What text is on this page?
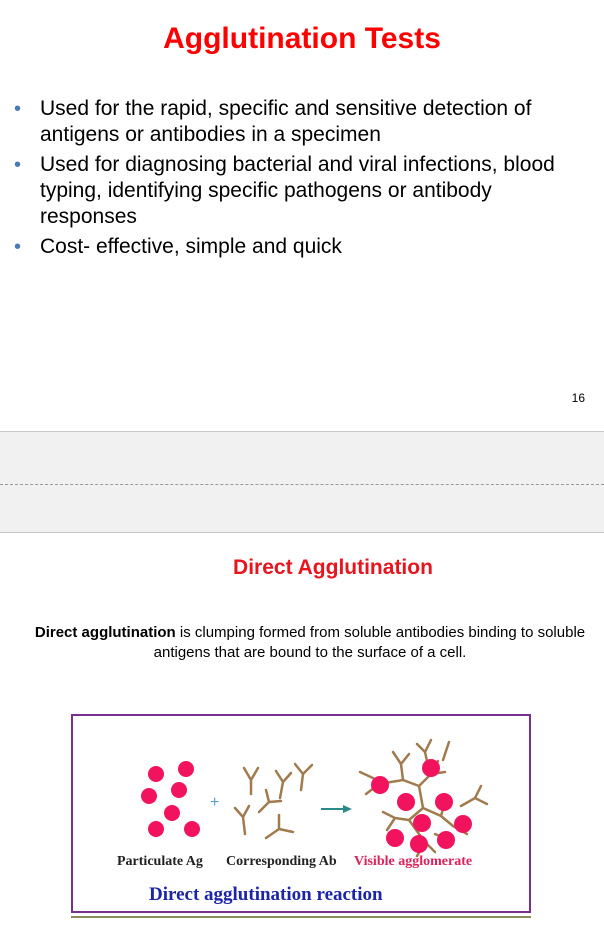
Agglutination Tests
• Used for the rapid, specific and sensitive detection of antigens or antibodies in a specimen
• Used for diagnosing bacterial and viral infections, blood typing, identifying specific pathogens or antibody responses
• Cost- effective, simple and quick
16
Direct Agglutination
Direct agglutination is clumping formed from soluble antibodies binding to soluble antigens that are bound to the surface of a cell.
+
Particulate Ag Corresponding Ab Visible agglomerate
Direct agglutination reaction
